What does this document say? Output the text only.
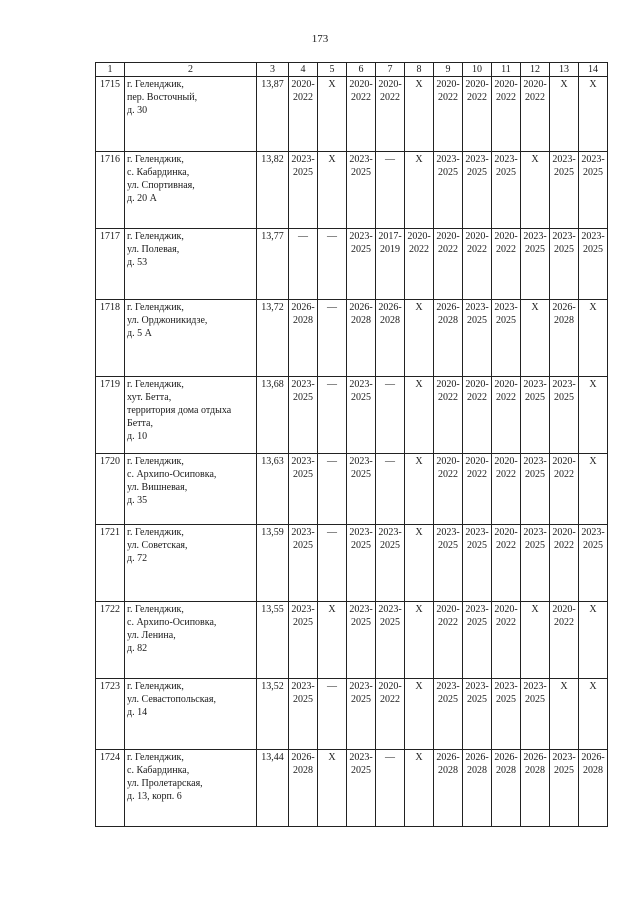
173
1	2	3	4	5	6	7	8	9	10	11	12	13	14
1715	г. Геленджик,
пер. Восточный,
д. 30	13,87	2020-
2022	Х	2020-
2022	2020-
2022	Х	2020-
2022	2020-
2022	2020-
2022	2020-
2022	Х	Х
1716	г. Геленджик,
с. Кабардинка,
ул. Спортивная,
д. 20 А	13,82	2023-
2025	Х	2023-
2025	—	Х	2023-
2025	2023-
2025	2023-
2025	Х	2023-
2025	2023-
2025
1717	г. Геленджик,
ул. Полевая,
д. 53	13,77	—	—	2023-
2025	2017-
2019	2020-
2022	2020-
2022	2020-
2022	2020-
2022	2023-
2025	2023-
2025	2023-
2025
1718	г. Геленджик,
ул. Орджоникидзе,
д. 5 А	13,72	2026-
2028	—	2026-
2028	2026-
2028	Х	2026-
2028	2023-
2025	2023-
2025	Х	2026-
2028	Х
1719	г. Геленджик,
хут. Бетта,
территория дома отдыха
Бетта,
д. 10	13,68	2023-
2025	—	2023-
2025	—	Х	2020-
2022	2020-
2022	2020-
2022	2023-
2025	2023-
2025	Х
1720	г. Геленджик,
с. Архипо-Осиповка,
ул. Вишневая,
д. 35	13,63	2023-
2025	—	2023-
2025	—	Х	2020-
2022	2020-
2022	2020-
2022	2023-
2025	2020-
2022	Х
1721	г. Геленджик,
ул. Советская,
д. 72	13,59	2023-
2025	—	2023-
2025	2023-
2025	Х	2023-
2025	2023-
2025	2020-
2022	2023-
2025	2020-
2022	2023-
2025
1722	г. Геленджик,
с. Архипо-Осиповка,
ул. Ленина,
д. 82	13,55	2023-
2025	Х	2023-
2025	2023-
2025	Х	2020-
2022	2023-
2025	2020-
2022	Х	2020-
2022	Х
1723	г. Геленджик,
ул. Севастопольская,
д. 14	13,52	2023-
2025	—	2023-
2025	2020-
2022	Х	2023-
2025	2023-
2025	2023-
2025	2023-
2025	Х	Х
1724	г. Геленджик,
с. Кабардинка,
ул. Пролетарская,
д. 13, корп. 6	13,44	2026-
2028	Х	2023-
2025	—	Х	2026-
2028	2026-
2028	2026-
2028	2026-
2028	2023-
2025	2026-
2028
